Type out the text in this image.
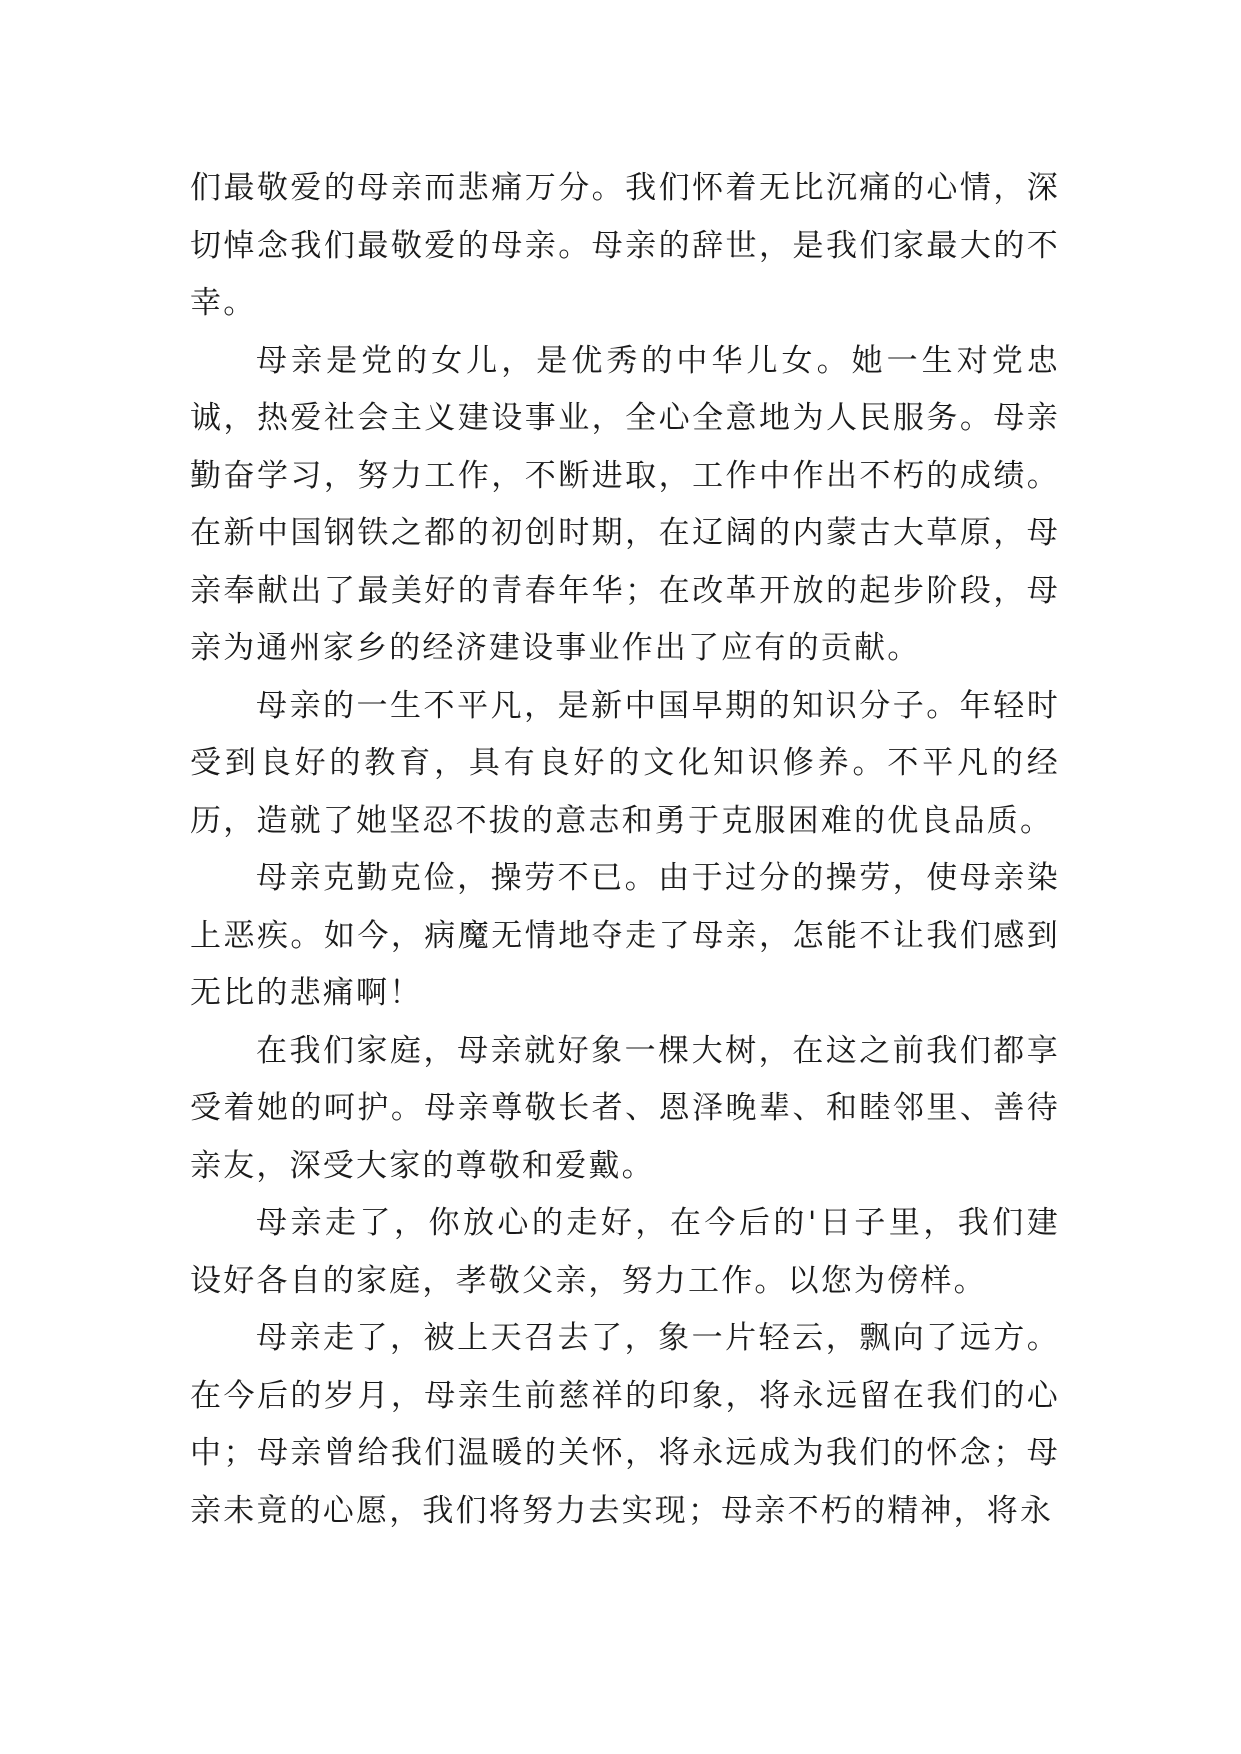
们最敬爱的母亲而悲痛万分。我们怀着无比沉痛的心情，深切悼念我们最敬爱的母亲。母亲的辞世，是我们家最大的不幸。

母亲是党的女儿，是优秀的中华儿女。她一生对党忠诚，热爱社会主义建设事业，全心全意地为人民服务。母亲勤奋学习，努力工作，不断进取，工作中作出不朽的成绩。在新中国钢铁之都的初创时期，在辽阔的内蒙古大草原，母亲奉献出了最美好的青春年华；在改革开放的起步阶段，母亲为通州家乡的经济建设事业作出了应有的贡献。

母亲的一生不平凡，是新中国早期的知识分子。年轻时受到良好的教育，具有良好的文化知识修养。不平凡的经历，造就了她坚忍不拔的意志和勇于克服困难的优良品质。

母亲克勤克俭，操劳不已。由于过分的操劳，使母亲染上恶疾。如今，病魔无情地夺走了母亲，怎能不让我们感到无比的悲痛啊！

在我们家庭，母亲就好象一棵大树，在这之前我们都享受着她的呵护。母亲尊敬长者、恩泽晚辈、和睦邻里、善待亲友，深受大家的尊敬和爱戴。

母亲走了，你放心的走好，在今后的'日子里，我们建设好各自的家庭，孝敬父亲，努力工作。以您为傍样。

母亲走了，被上天召去了，象一片轻云，飘向了远方。在今后的岁月，母亲生前慈祥的印象，将永远留在我们的心中；母亲曾给我们温暖的关怀，将永远成为我们的怀念；母亲未竟的心愿，我们将努力去实现；母亲不朽的精神，将永
